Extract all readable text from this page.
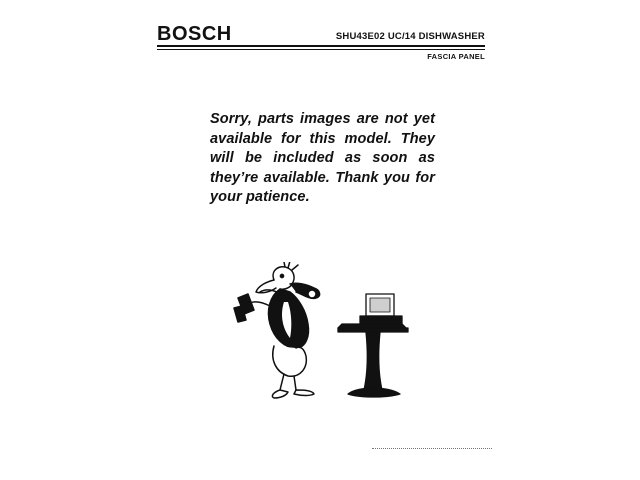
BOSCH	SHU43E02 UC/14 DISHWASHER
FASCIA PANEL
Sorry, parts images are not yet available for this model. They will be included as soon as they’re available. Thank you for your patience.
